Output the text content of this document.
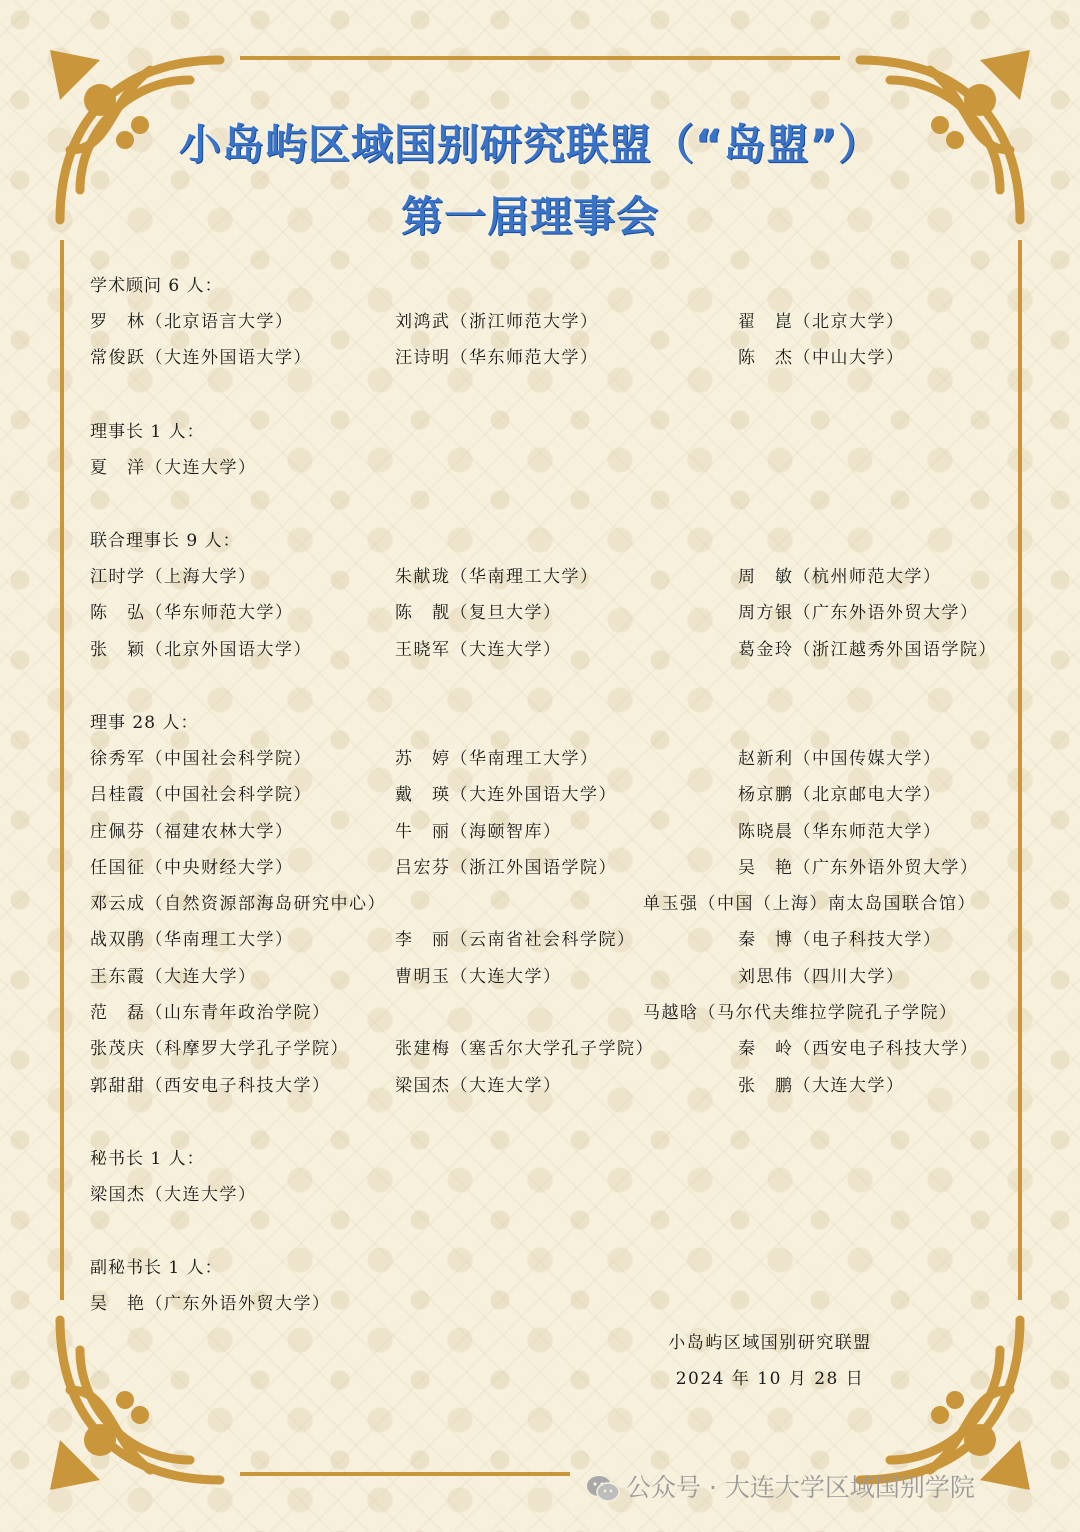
小岛屿区域国别研究联盟（“岛盟”）
第一届理事会
学术顾问 6 人：
罗　林（北京语言大学）	刘鸿武（浙江师范大学）	翟　崑（北京大学）
常俊跃（大连外国语大学）	汪诗明（华东师范大学）	陈　杰（中山大学）
理事长 1 人：
夏　洋（大连大学）
联合理事长 9 人：
江时学（上海大学）	朱献珑（华南理工大学）	周　敏（杭州师范大学）
陈　弘（华东师范大学）	陈　靓（复旦大学）	周方银（广东外语外贸大学）
张　颖（北京外国语大学）	王晓军（大连大学）	葛金玲（浙江越秀外国语学院）
理事 28 人：
徐秀军（中国社会科学院）	苏　婷（华南理工大学）	赵新利（中国传媒大学）
吕桂霞（中国社会科学院）	戴　瑛（大连外国语大学）	杨京鹏（北京邮电大学）
庄佩芬（福建农林大学）	牛　丽（海颐智库）	陈晓晨（华东师范大学）
任国征（中央财经大学）	吕宏芬（浙江外国语学院）	吴　艳（广东外语外贸大学）
邓云成（自然资源部海岛研究中心）	单玉强（中国（上海）南太岛国联合馆）
战双鹃（华南理工大学）	李　丽（云南省社会科学院）	秦　博（电子科技大学）
王东霞（大连大学）	曹明玉（大连大学）	刘思伟（四川大学）
范　磊（山东青年政治学院）	马越晗（马尔代夫维拉学院孔子学院）
张茂庆（科摩罗大学孔子学院）	张建梅（塞舌尔大学孔子学院）	秦　岭（西安电子科技大学）
郭甜甜（西安电子科技大学）	梁国杰（大连大学）	张　鹏（大连大学）
秘书长 1 人：
梁国杰（大连大学）
副秘书长 1 人：
吴　艳（广东外语外贸大学）
小岛屿区域国别研究联盟
2024 年 10 月 28 日
公众号 · 大连大学区域国别学院
